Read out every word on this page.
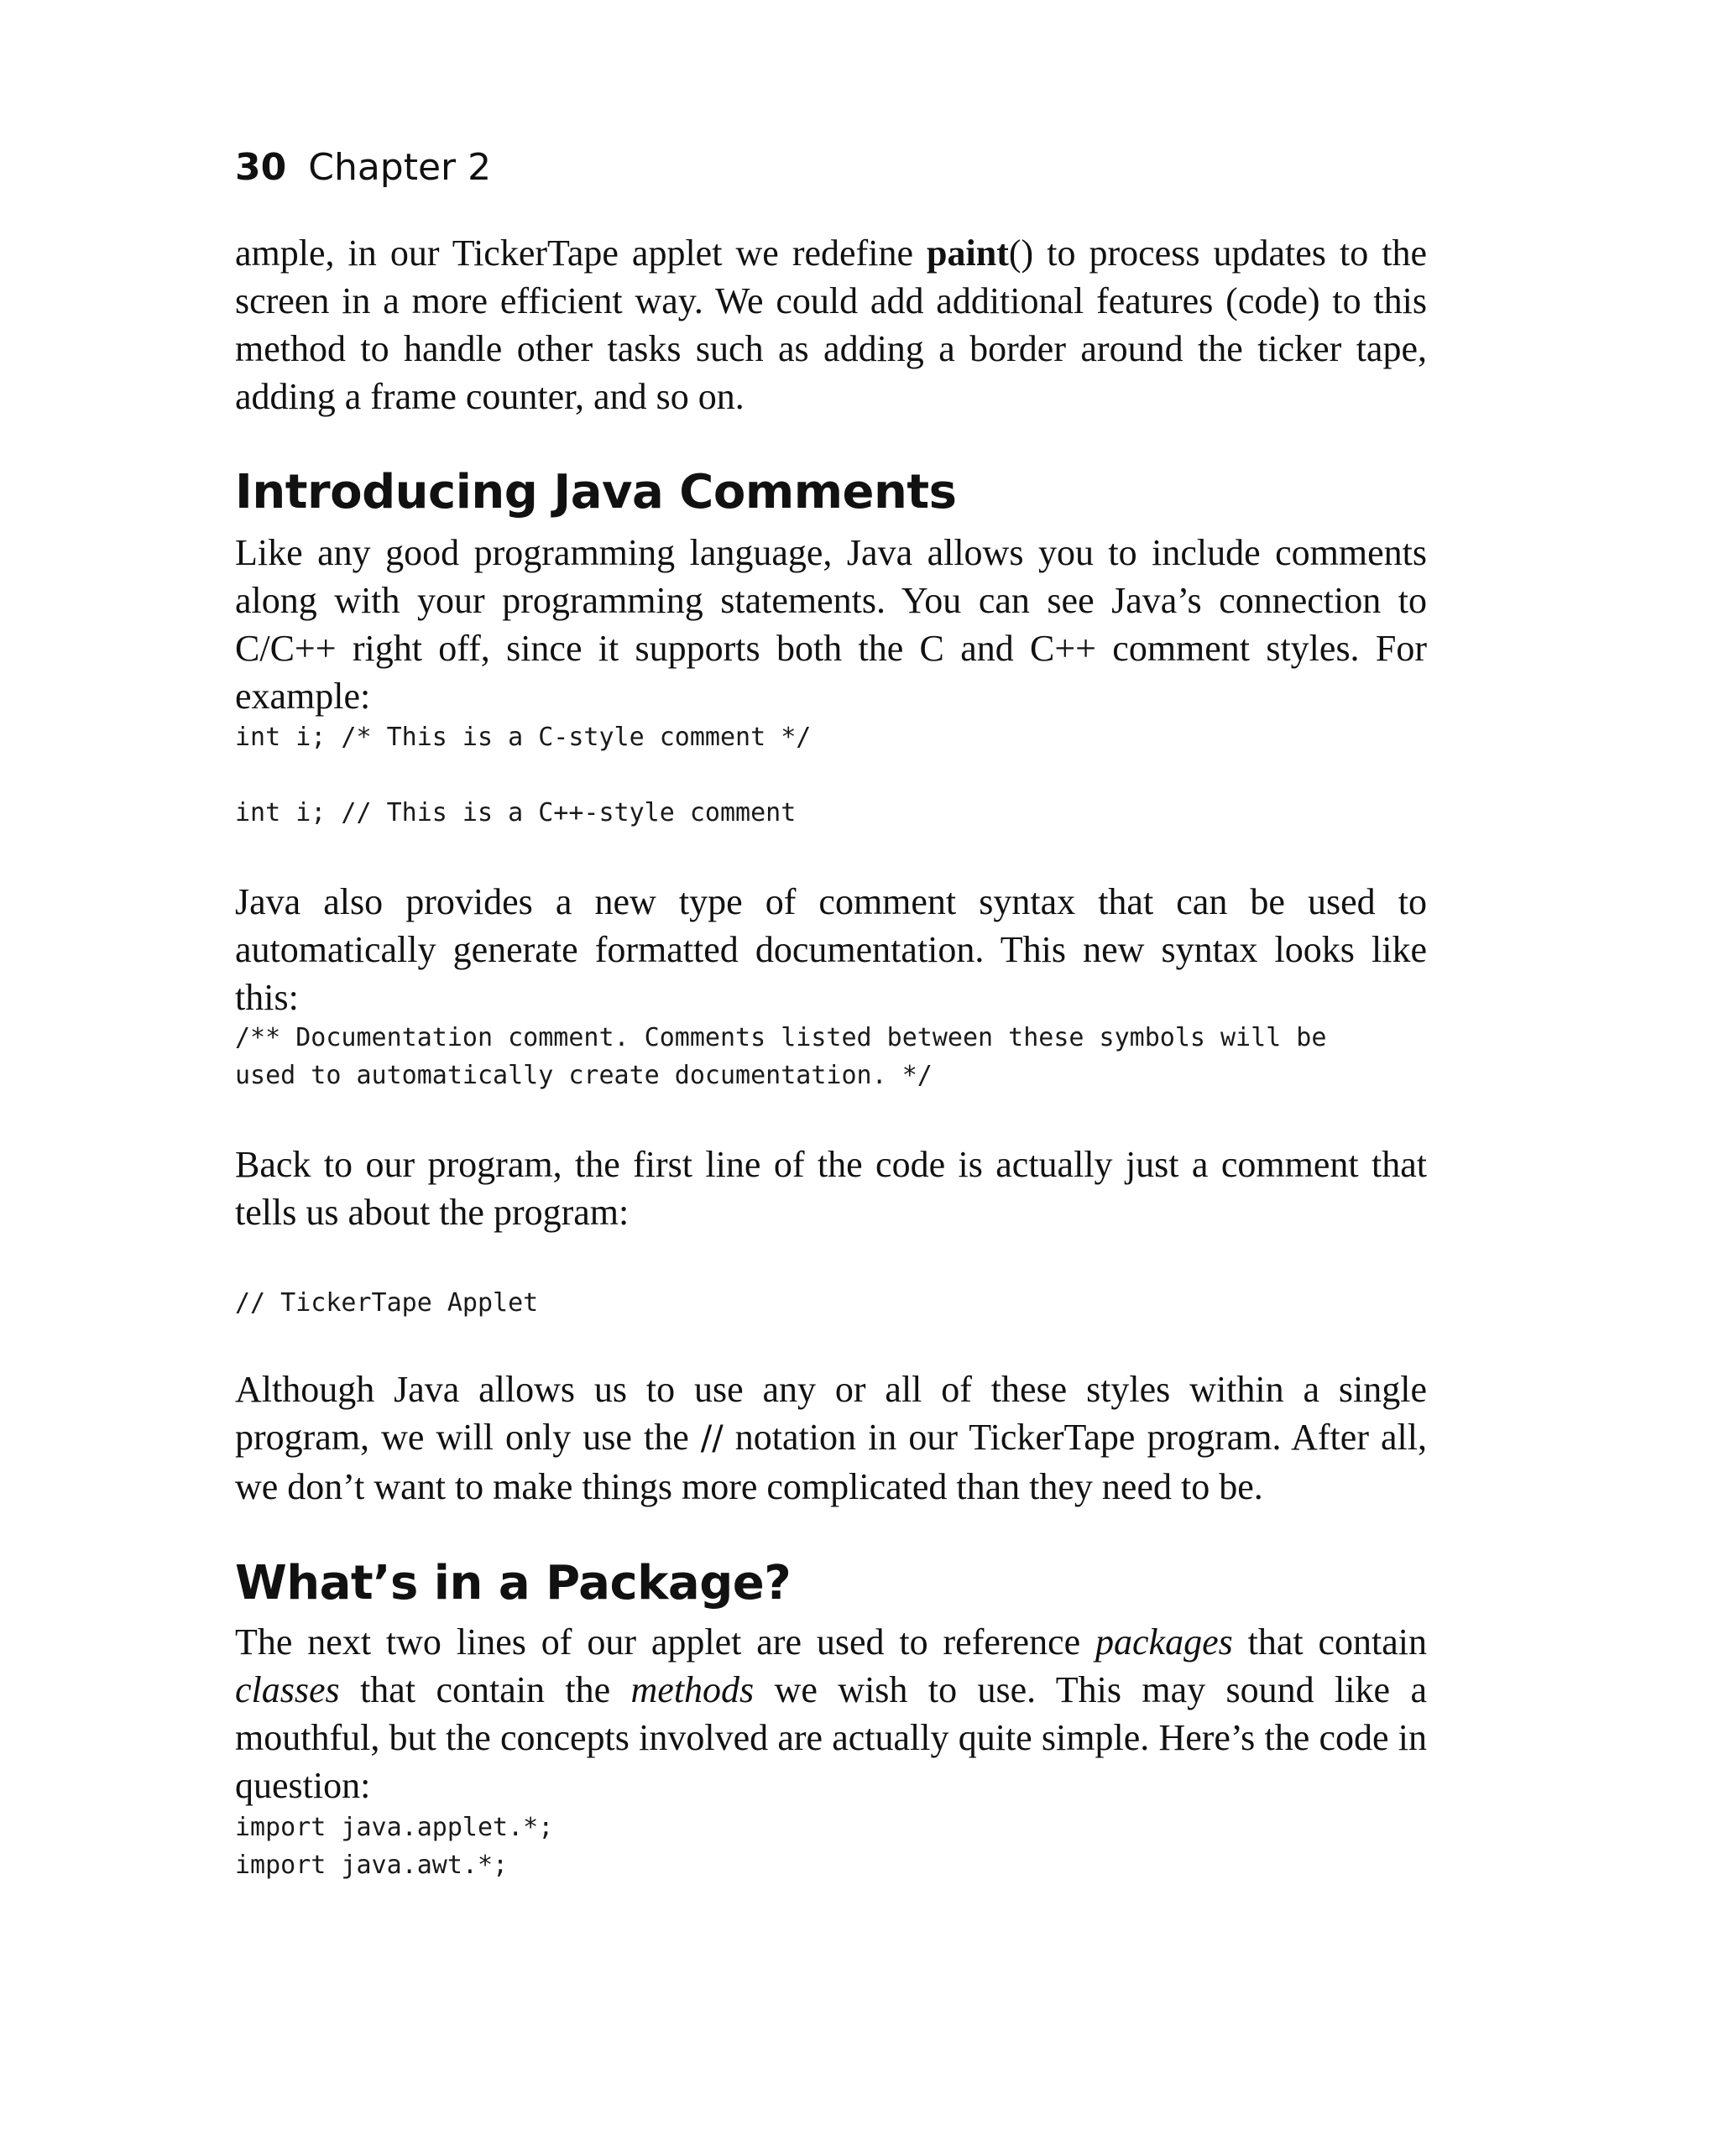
30 Chapter 2

ample, in our TickerTape applet we redefine paint() to process updates to the screen in a more efficient way. We could add additional features (code) to this method to handle other tasks such as adding a border around the ticker tape, adding a frame counter, and so on.

Introducing Java Comments

Like any good programming language, Java allows you to include comments along with your programming statements. You can see Java’s connection to C/C++ right off, since it supports both the C and C++ comment styles. For example:

int i; /* This is a C-style comment */
int i; // This is a C++-style comment

Java also provides a new type of comment syntax that can be used to automatically generate formatted documentation. This new syntax looks like this:

/** Documentation comment. Comments listed between these symbols will be
used to automatically create documentation. */

Back to our program, the first line of the code is actually just a comment that tells us about the program:

// TickerTape Applet

Although Java allows us to use any or all of these styles within a single program, we will only use the // notation in our TickerTape program. After all, we don’t want to make things more complicated than they need to be.

What’s in a Package?

The next two lines of our applet are used to reference packages that contain classes that contain the methods we wish to use. This may sound like a mouthful, but the concepts involved are actually quite simple. Here’s the code in question:

import java.applet.*;
import java.awt.*;
